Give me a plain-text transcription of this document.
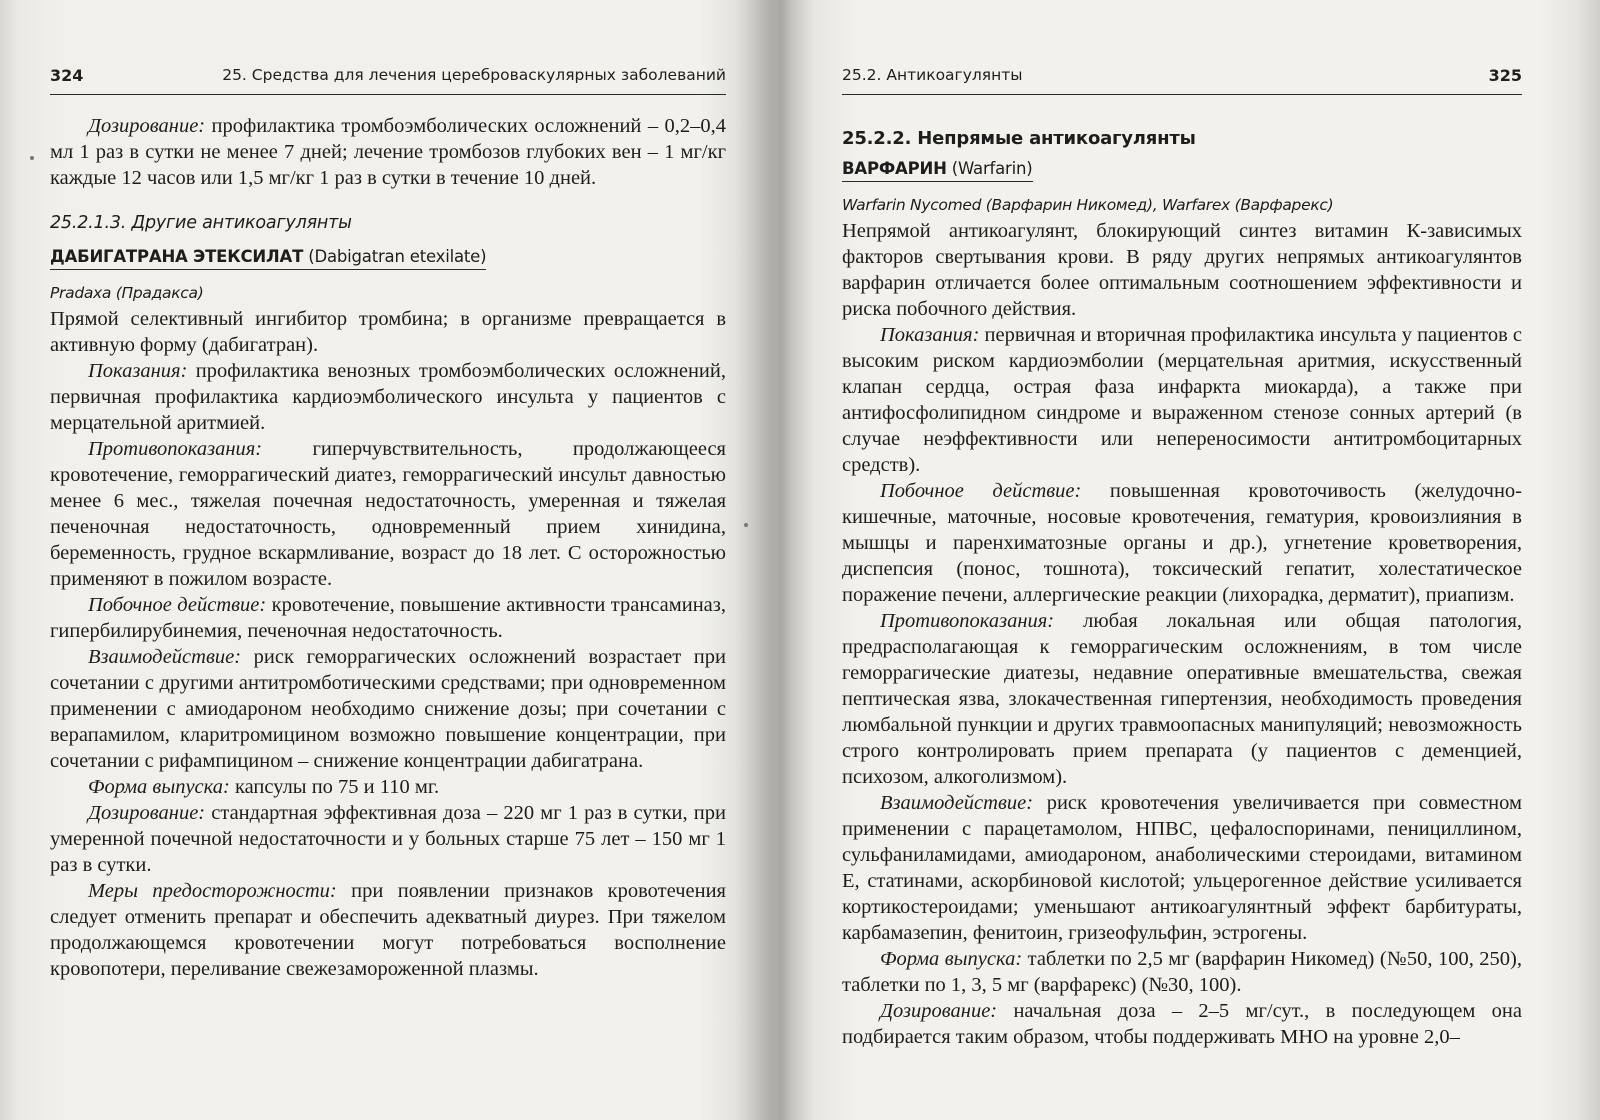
324	25. Средства для лечения цереброваскулярных заболеваний

Дозирование: профилактика тромбоэмболических осложнений – 0,2–0,4 мл 1 раз в сутки не менее 7 дней; лечение тромбозов глубоких вен – 1 мг/кг каждые 12 часов или 1,5 мг/кг 1 раз в сутки в течение 10 дней.

25.2.1.3. Другие антикоагулянты
ДАБИГАТРАНА ЭТЕКСИЛАТ (Dabigatran etexilate)
Pradaxa (Прадакса)

Прямой селективный ингибитор тромбина; в организме превращается в активную форму (дабигатран).

Показания: профилактика венозных тромбоэмболических осложнений, первичная профилактика кардиоэмболического инсульта у пациентов с мерцательной аритмией.

Противопоказания: гиперчувствительность, продолжающееся кровотечение, геморрагический диатез, геморрагический инсульт давностью менее 6 мес., тяжелая почечная недостаточность, умеренная и тяжелая печеночная недостаточность, одновременный прием хинидина, беременность, грудное вскармливание, возраст до 18 лет. С осторожностью применяют в пожилом возрасте.

Побочное действие: кровотечение, повышение активности трансаминаз, гипербилирубинемия, печеночная недостаточность.

Взаимодействие: риск геморрагических осложнений возрастает при сочетании с другими антитромботическими средствами; при одновременном применении с амиодароном необходимо снижение дозы; при сочетании с верапамилом, кларитромицином возможно повышение концентрации, при сочетании с рифампицином – снижение концентрации дабигатрана.

Форма выпуска: капсулы по 75 и 110 мг.

Дозирование: стандартная эффективная доза – 220 мг 1 раз в сутки, при умеренной почечной недостаточности и у больных старше 75 лет – 150 мг 1 раз в сутки.

Меры предосторожности: при появлении признаков кровотечения следует отменить препарат и обеспечить адекватный диурез. При тяжелом продолжающемся кровотечении могут потребоваться восполнение кровопотери, переливание свежезамороженной плазмы.

25.2. Антикоагулянты	325
25.2.2. Непрямые антикоагулянты
ВАРФАРИН (Warfarin)
Warfarin Nycomed (Варфарин Никомед), Warfarex (Варфарекс)

Непрямой антикоагулянт, блокирующий синтез витамин К-зависимых факторов свертывания крови. В ряду других непрямых антикоагулянтов варфарин отличается более оптимальным соотношением эффективности и риска побочного действия.

Показания: первичная и вторичная профилактика инсульта у пациентов с высоким риском кардиоэмболии (мерцательная аритмия, искусственный клапан сердца, острая фаза инфаркта миокарда), а также при антифосфолипидном синдроме и выраженном стенозе сонных артерий (в случае неэффективности или непереносимости антитромбоцитарных средств).

Побочное действие: повышенная кровоточивость (желудочно-кишечные, маточные, носовые кровотечения, гематурия, кровоизлияния в мышцы и паренхиматозные органы и др.), угнетение кроветворения, диспепсия (понос, тошнота), токсический гепатит, холестатическое поражение печени, аллергические реакции (лихорадка, дерматит), приапизм.

Противопоказания: любая локальная или общая патология, предрасполагающая к геморрагическим осложнениям, в том числе геморрагические диатезы, недавние оперативные вмешательства, свежая пептическая язва, злокачественная гипертензия, необходимость проведения люмбальной пункции и других травмоопасных манипуляций; невозможность строго контролировать прием препарата (у пациентов с деменцией, психозом, алкоголизмом).

Взаимодействие: риск кровотечения увеличивается при совместном применении с парацетамолом, НПВС, цефалоспоринами, пенициллином, сульфаниламидами, амиодароном, анаболическими стероидами, витамином Е, статинами, аскорбиновой кислотой; ульцерогенное действие усиливается кортикостероидами; уменьшают антикоагулянтный эффект барбитураты, карбамазепин, фенитоин, гризеофульфин, эстрогены.

Форма выпуска: таблетки по 2,5 мг (варфарин Никомед) (№50, 100, 250), таблетки по 1, 3, 5 мг (варфарекс) (№30, 100).

Дозирование: начальная доза – 2–5 мг/сут., в последующем она подбирается таким образом, чтобы поддерживать МНО на уровне 2,0–
